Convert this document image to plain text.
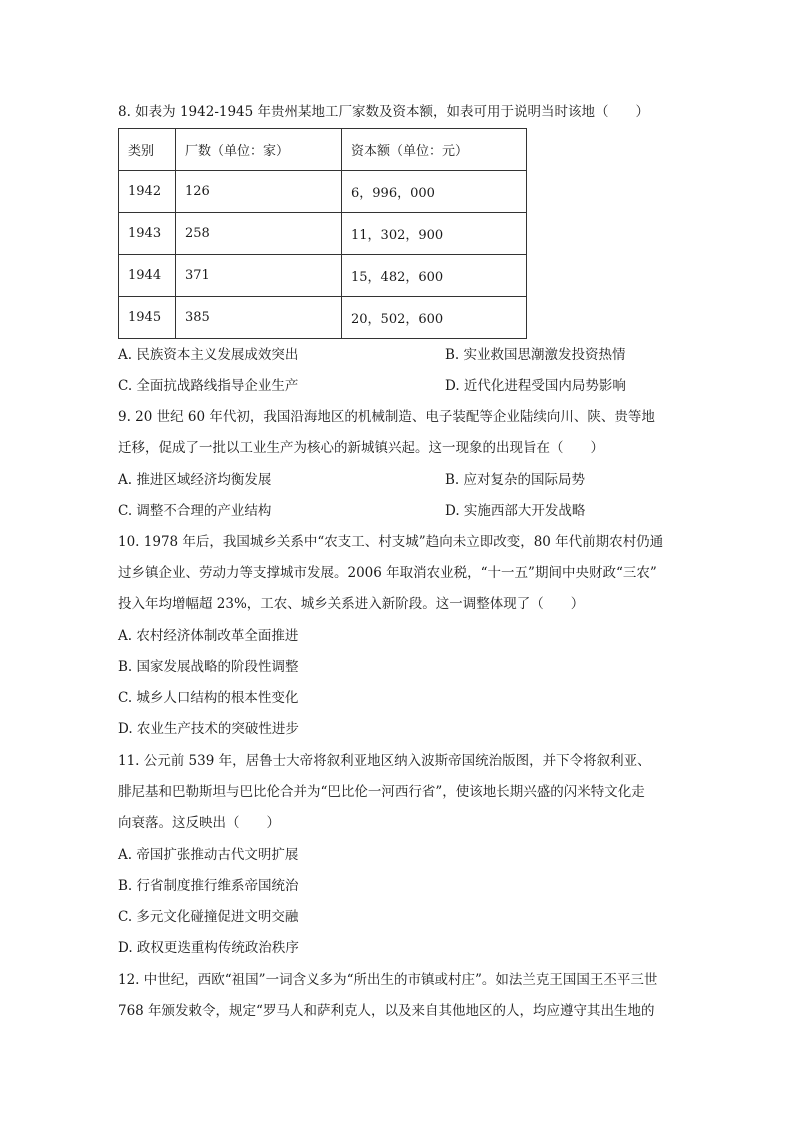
8. 如表为 1942-1945 年贵州某地工厂家数及资本额，如表可用于说明当时该地（　　）
类别	厂数（单位：家）	资本额（单位：元）
1942	126	6，996，000
1943	258	11，302，900
1944	371	15，482，600
1945	385	20，502，600
A. 民族资本主义发展成效突出	B. 实业救国思潮激发投资热情
C. 全面抗战路线指导企业生产	D. 近代化进程受国内局势影响
9. 20 世纪 60 年代初，我国沿海地区的机械制造、电子装配等企业陆续向川、陕、贵等地
迁移，促成了一批以工业生产为核心的新城镇兴起。这一现象的出现旨在（　　）
A. 推进区域经济均衡发展	B. 应对复杂的国际局势
C. 调整不合理的产业结构	D. 实施西部大开发战略
10. 1978 年后，我国城乡关系中“农支工、村支城”趋向未立即改变，80 年代前期农村仍通
过乡镇企业、劳动力等支撑城市发展。2006 年取消农业税，“十一五”期间中央财政“三农”
投入年均增幅超 23%，工农、城乡关系进入新阶段。这一调整体现了（　　）
A. 农村经济体制改革全面推进
B. 国家发展战略的阶段性调整
C. 城乡人口结构的根本性变化
D. 农业生产技术的突破性进步
11. 公元前 539 年，居鲁士大帝将叙利亚地区纳入波斯帝国统治版图，并下令将叙利亚、
腓尼基和巴勒斯坦与巴比伦合并为“巴比伦一河西行省”，使该地长期兴盛的闪米特文化走
向衰落。这反映出（　　）
A. 帝国扩张推动古代文明扩展
B. 行省制度推行维系帝国统治
C. 多元文化碰撞促进文明交融
D. 政权更迭重构传统政治秩序
12. 中世纪，西欧“祖国”一词含义多为“所出生的市镇或村庄”。如法兰克王国国王丕平三世
768 年颁发敕令，规定“罗马人和萨利克人，以及来自其他地区的人，均应遵守其出生地的
